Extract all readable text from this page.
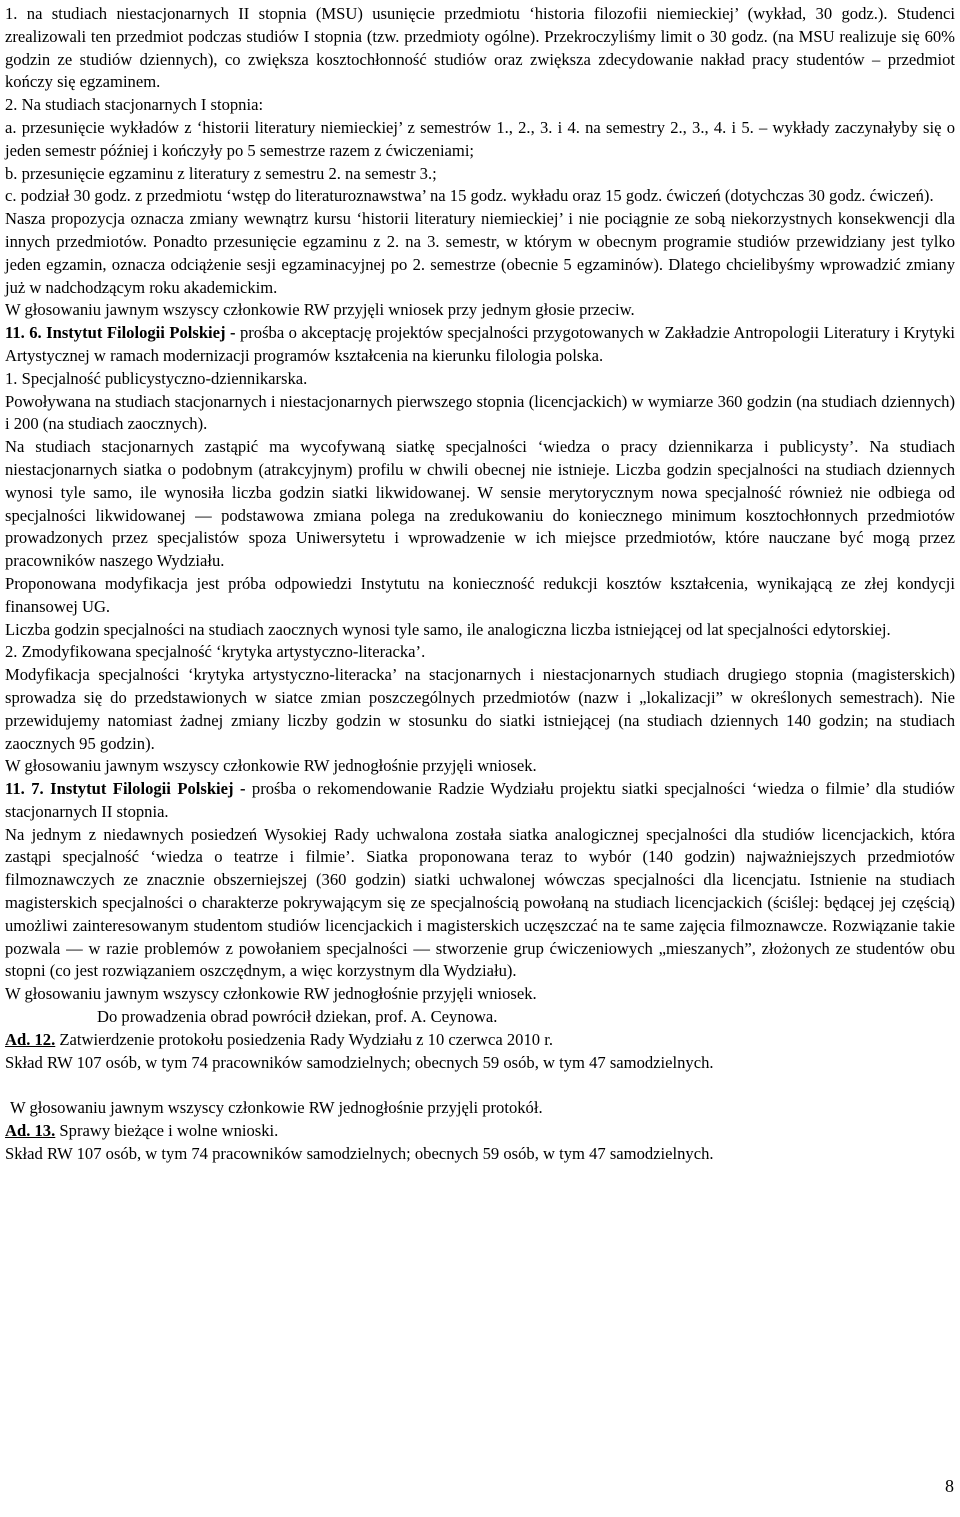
1. na studiach niestacjonarnych II stopnia (MSU) usunięcie przedmiotu ‘historia filozofii niemieckiej’ (wykład, 30 godz.). Studenci zrealizowali ten przedmiot podczas studiów I stopnia (tzw. przedmioty ogólne). Przekroczyliśmy limit o 30 godz. (na MSU realizuje się 60% godzin ze studiów dziennych), co zwiększa kosztochłonność studiów oraz zwiększa zdecydowanie nakład pracy studentów – przedmiot kończy się egzaminem.

2. Na studiach stacjonarnych I stopnia:

a. przesunięcie wykładów z ‘historii literatury niemieckiej’ z semestrów 1., 2., 3. i 4. na semestry 2., 3., 4. i 5. – wykłady zaczynałyby się o jeden semestr później i kończyły po 5 semestrze razem z ćwiczeniami;

b. przesunięcie egzaminu z literatury z semestru 2. na semestr 3.;

c. podział 30 godz. z przedmiotu ‘wstęp do literaturoznawstwa’ na 15 godz. wykładu oraz 15 godz. ćwiczeń (dotychczas 30 godz. ćwiczeń).

Nasza propozycja oznacza zmiany wewnątrz kursu ‘historii literatury niemieckiej’ i nie pociągnie ze sobą niekorzystnych konsekwencji dla innych przedmiotów. Ponadto przesunięcie egzaminu z 2. na 3. semestr, w którym w obecnym programie studiów przewidziany jest tylko jeden egzamin, oznacza odciążenie sesji egzaminacyjnej po 2. semestrze (obecnie 5 egzaminów). Dlatego chcielibyśmy wprowadzić zmiany już w nadchodzącym roku akademickim.

W głosowaniu jawnym wszyscy członkowie RW przyjęli wniosek przy jednym głosie przeciw.

11. 6. Instytut Filologii Polskiej - prośba o akceptację projektów specjalności przygotowanych w Zakładzie Antropologii Literatury i Krytyki Artystycznej w ramach modernizacji programów kształcenia na kierunku filologia polska.

1. Specjalność publicystyczno-dziennikarska.

Powoływana na studiach stacjonarnych i niestacjonarnych pierwszego stopnia (licencjackich) w wymiarze 360 godzin (na studiach dziennych) i 200 (na studiach zaocznych).

Na studiach stacjonarnych zastąpić ma wycofywaną siatkę specjalności ‘wiedza o pracy dziennikarza i publicysty’. Na studiach niestacjonarnych siatka o podobnym (atrakcyjnym) profilu w chwili obecnej nie istnieje. Liczba godzin specjalności na studiach dziennych wynosi tyle samo, ile wynosiła liczba godzin siatki likwidowanej. W sensie merytorycznym nowa specjalność również nie odbiega od specjalności likwidowanej — podstawowa zmiana polega na zredukowaniu do koniecznego minimum kosztochłonnych przedmiotów prowadzonych przez specjalistów spoza Uniwersytetu i wprowadzenie w ich miejsce przedmiotów, które nauczane być mogą przez pracowników naszego Wydziału.

Proponowana modyfikacja jest próba odpowiedzi Instytutu na konieczność redukcji kosztów kształcenia, wynikającą ze złej kondycji finansowej UG.

Liczba godzin specjalności na studiach zaocznych wynosi tyle samo, ile analogiczna liczba istniejącej od lat specjalności edytorskiej.

2. Zmodyfikowana specjalność ‘krytyka artystyczno-literacka’.

Modyfikacja specjalności ‘krytyka artystyczno-literacka’ na stacjonarnych i niestacjonarnych studiach drugiego stopnia (magisterskich) sprowadza się do przedstawionych w siatce zmian poszczególnych przedmiotów (nazw i „lokalizacji” w określonych semestrach). Nie przewidujemy natomiast żadnej zmiany liczby godzin w stosunku do siatki istniejącej (na studiach dziennych 140 godzin; na studiach zaocznych 95 godzin).

W głosowaniu jawnym wszyscy członkowie RW jednogłośnie przyjęli wniosek.

11. 7. Instytut Filologii Polskiej - prośba o rekomendowanie Radzie Wydziału projektu siatki specjalności ‘wiedza o filmie’ dla studiów stacjonarnych II stopnia.

Na jednym z niedawnych posiedzeń Wysokiej Rady uchwalona została siatka analogicznej specjalności dla studiów licencjackich, która zastąpi specjalność ‘wiedza o teatrze i filmie’. Siatka proponowana teraz to wybór (140 godzin) najważniejszych przedmiotów filmoznawczych ze znacznie obszerniejszej (360 godzin) siatki uchwalonej wówczas specjalności dla licencjatu. Istnienie na studiach magisterskich specjalności o charakterze pokrywającym się ze specjalnością powołaną na studiach licencjackich (ściślej: będącej jej częścią) umożliwi zainteresowanym studentom studiów licencjackich i magisterskich uczęszczać na te same zajęcia filmoznawcze. Rozwiązanie takie pozwala — w razie problemów z powołaniem specjalności — stworzenie grup ćwiczeniowych „mieszanych”, złożonych ze studentów obu stopni (co jest rozwiązaniem oszczędnym, a więc korzystnym dla Wydziału).

W głosowaniu jawnym wszyscy członkowie RW jednogłośnie przyjęli wniosek.

Do prowadzenia obrad powrócił dziekan, prof. A. Ceynowa.

Ad. 12. Zatwierdzenie protokołu posiedzenia Rady Wydziału z 10 czerwca 2010 r.

Skład RW 107 osób, w tym 74 pracowników samodzielnych; obecnych 59 osób, w tym 47 samodzielnych.

W głosowaniu jawnym wszyscy członkowie RW jednogłośnie przyjęli protokół.

Ad. 13. Sprawy bieżące i wolne wnioski.

Skład RW 107 osób, w tym 74 pracowników samodzielnych; obecnych 59 osób, w tym 47 samodzielnych.

8
